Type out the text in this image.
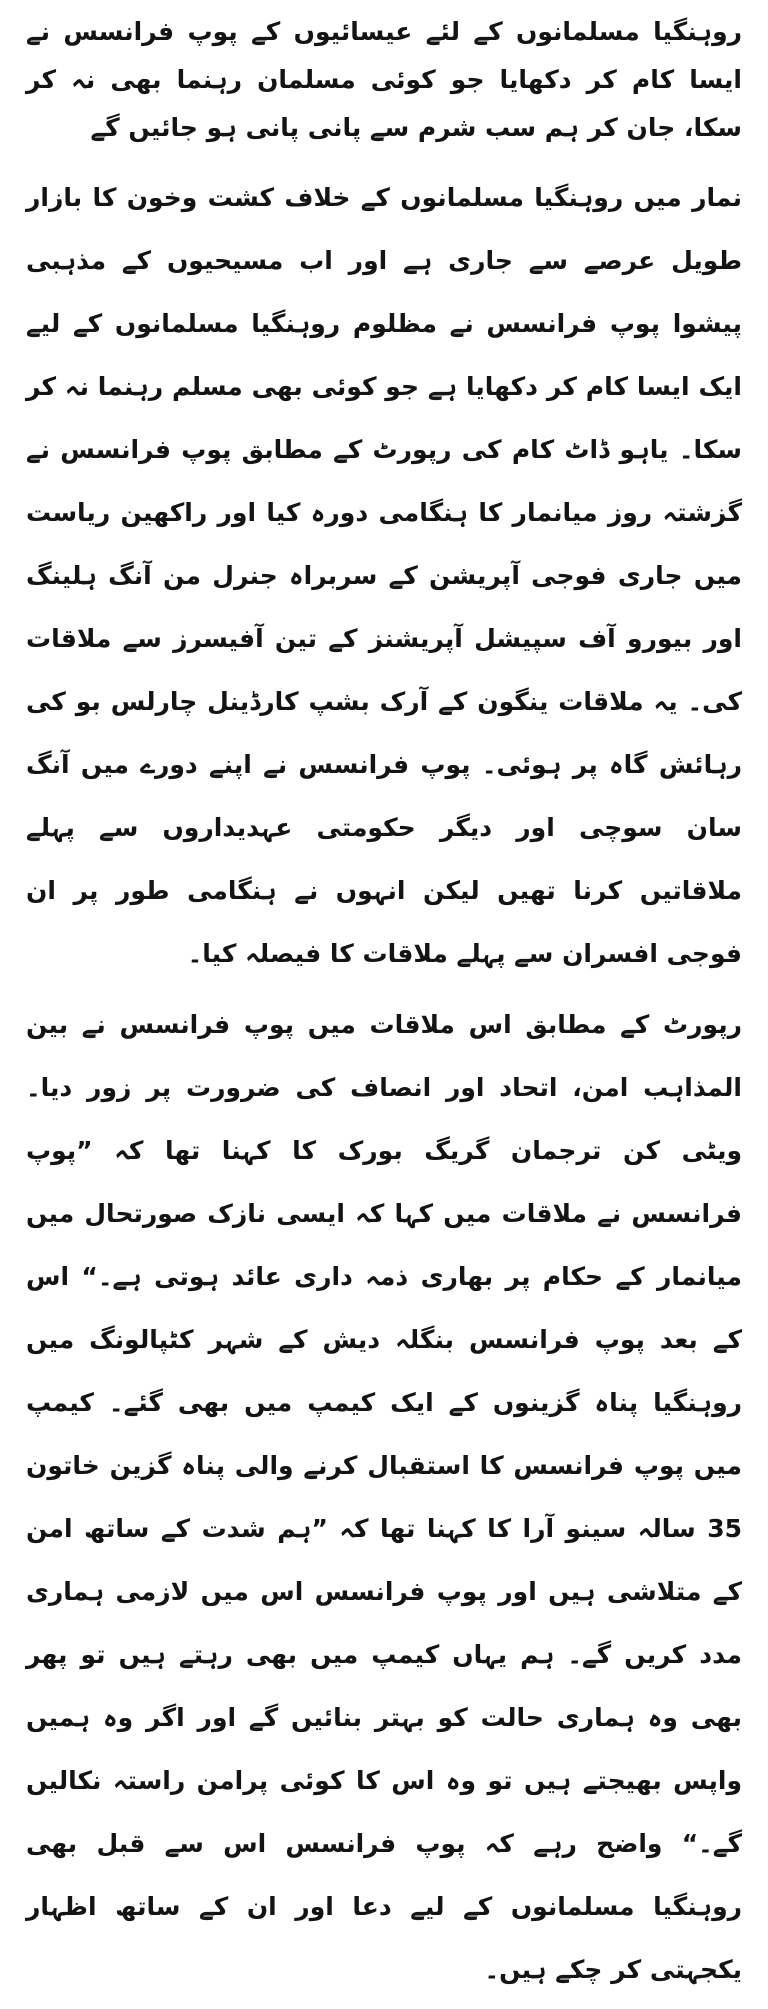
روہنگیا مسلمانوں کے لئے عیسائیوں کے پوپ فرانسس نے ایسا کام کر دکھایا جو کوئی مسلمان رہنما بھی نہ کر سکا، جان کر ہم سب شرم سے پانی پانی ہو جائیں گے

نمار میں روہنگیا مسلمانوں کے خلاف کشت وخون کا بازار طویل عرصے سے جاری ہے اور اب مسیحیوں کے مذہبی پیشوا پوپ فرانسس نے مظلوم روہنگیا مسلمانوں کے لیے ایک ایسا کام کر دکھایا ہے جو کوئی بھی مسلم رہنما نہ کر سکا۔ یاہو ڈاٹ کام کی رپورٹ کے مطابق پوپ فرانسس نے گزشتہ روز میانمار کا ہنگامی دورہ کیا اور راکھین ریاست میں جاری فوجی آپریشن کے سربراہ جنرل من آنگ ہلینگ اور بیورو آف سپیشل آپریشنز کے تین آفیسرز سے ملاقات کی۔ یہ ملاقات ینگون کے آرک بشپ کارڈینل چارلس بو کی رہائش گاہ پر ہوئی۔ پوپ فرانسس نے اپنے دورے میں آنگ سان سوچی اور دیگر حکومتی عہدیداروں سے پہلے ملاقاتیں کرنا تھیں لیکن انہوں نے ہنگامی طور پر ان فوجی افسران سے پہلے ملاقات کا فیصلہ کیا۔

رپورٹ کے مطابق اس ملاقات میں پوپ فرانسس نے بین المذاہب امن، اتحاد اور انصاف کی ضرورت پر زور دیا۔ ویٹی کن ترجمان گریگ بورک کا کہنا تھا کہ ”پوپ فرانسس نے ملاقات میں کہا کہ ایسی نازک صورتحال میں میانمار کے حکام پر بھاری ذمہ داری عائد ہوتی ہے۔“ اس کے بعد پوپ فرانسس بنگلہ دیش کے شہر کٹپالونگ میں روہنگیا پناہ گزینوں کے ایک کیمپ میں بھی گئے۔ کیمپ میں پوپ فرانسس کا استقبال کرنے والی پناہ گزین خاتون 35 سالہ سینو آرا کا کہنا تھا کہ ”ہم شدت کے ساتھ امن کے متلاشی ہیں اور پوپ فرانسس اس میں لازمی ہماری مدد کریں گے۔ ہم یہاں کیمپ میں بھی رہتے ہیں تو پھر بھی وہ ہماری حالت کو بہتر بنائیں گے اور اگر وہ ہمیں واپس بھیجتے ہیں تو وہ اس کا کوئی پرامن راستہ نکالیں گے۔“ واضح رہے کہ پوپ فرانسس اس سے قبل بھی روہنگیا مسلمانوں کے لیے دعا اور ان کے ساتھ اظہار یکجہتی کر چکے ہیں۔
